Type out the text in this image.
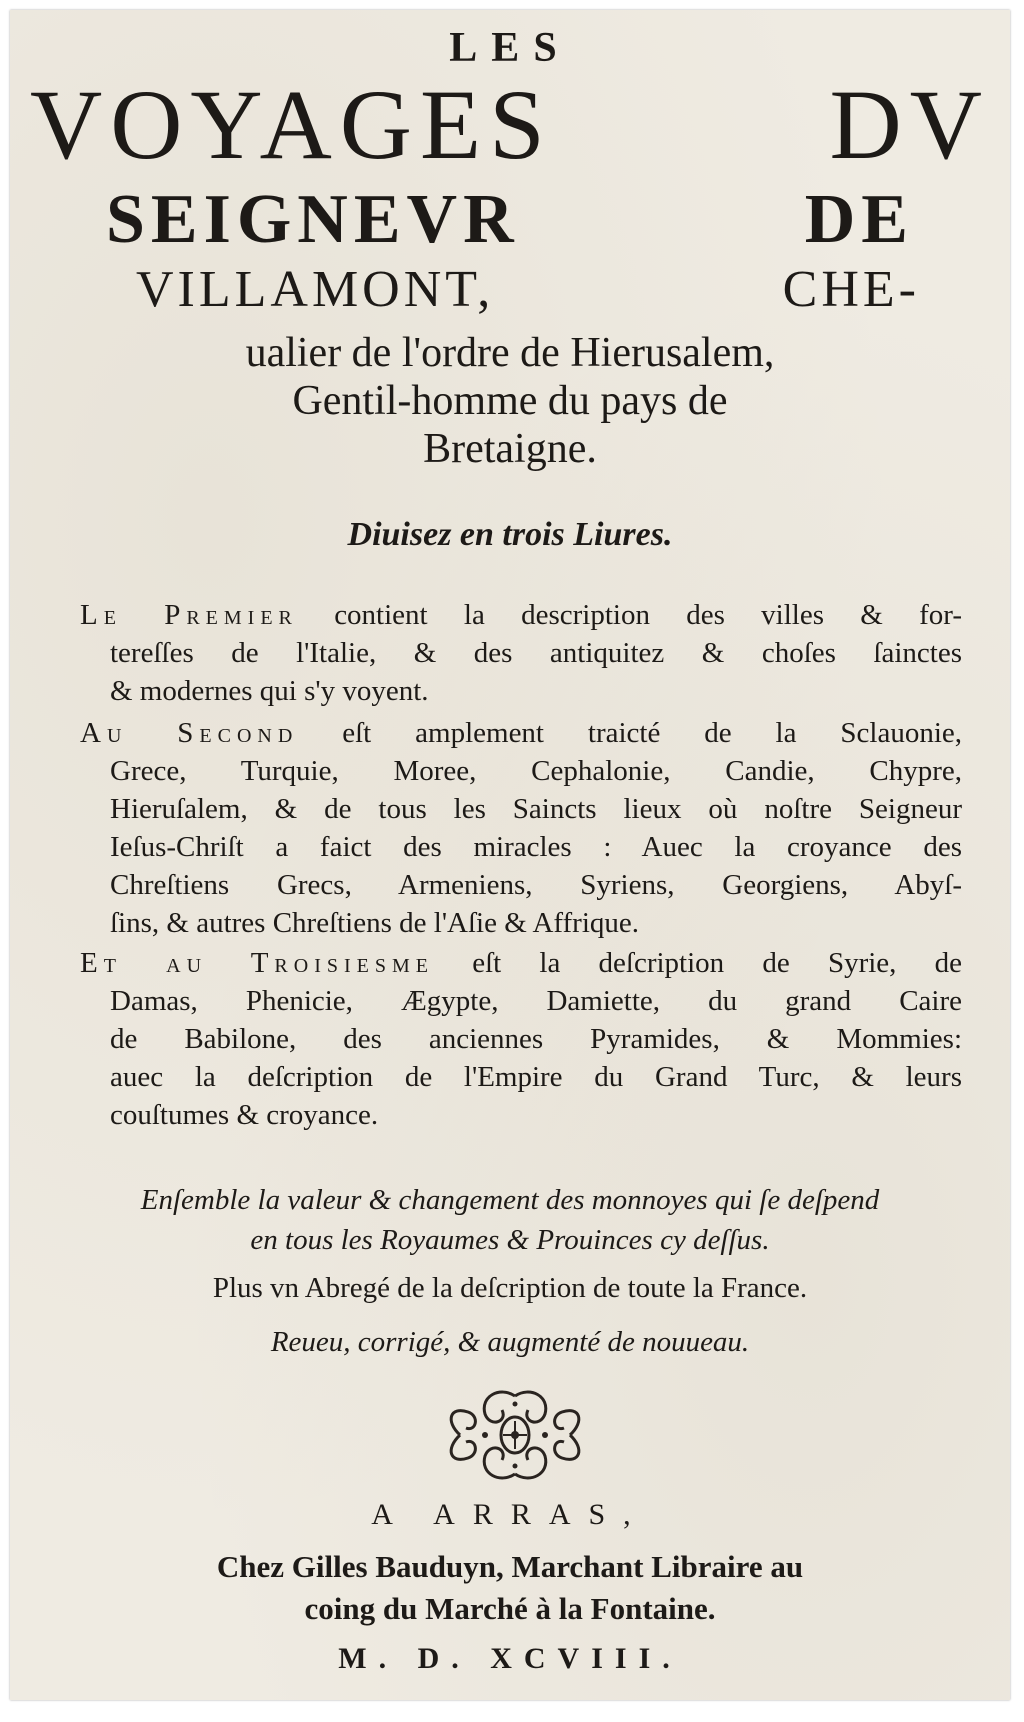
LES
VOYAGES DV
SEIGNEVR DE
VILLAMONT, CHE-
ualier de l'ordre de Hierusalem,
Gentil-homme du pays de
Bretaigne.
Diuisez en trois Liures.
Le Premier contient la description des villes & for-
tereſſes de l'Italie, & des antiquitez & choſes ſainctes
& modernes qui s'y voyent.
Au Second eſt amplement traicté de la Sclauonie,
Grece, Turquie, Moree, Cephalonie, Candie, Chypre,
Hieruſalem, & de tous les Saincts lieux où noſtre Seigneur
Ieſus-Chriſt a faict des miracles : Auec la croyance des
Chreſtiens Grecs, Armeniens, Syriens, Georgiens, Abyſ-
ſins, & autres Chreſtiens de l'Aſie & Affrique.
Et au Troisiesme eſt la deſcription de Syrie, de
Damas, Phenicie, Ægypte, Damiette, du grand Caire
de Babilone, des anciennes Pyramides, & Mommies:
auec la deſcription de l'Empire du Grand Turc, & leurs
couſtumes & croyance.
Enſemble la valeur & changement des monnoyes qui ſe deſpend
en tous les Royaumes & Prouinces cy deſſus.
Plus vn Abregé de la deſcription de toute la France.
Reueu, corrigé, & augmenté de nouueau.
A ARRAS,
Chez Gilles Bauduyn, Marchant Libraire au
coing du Marché à la Fontaine.
M. D. XCVIII.
